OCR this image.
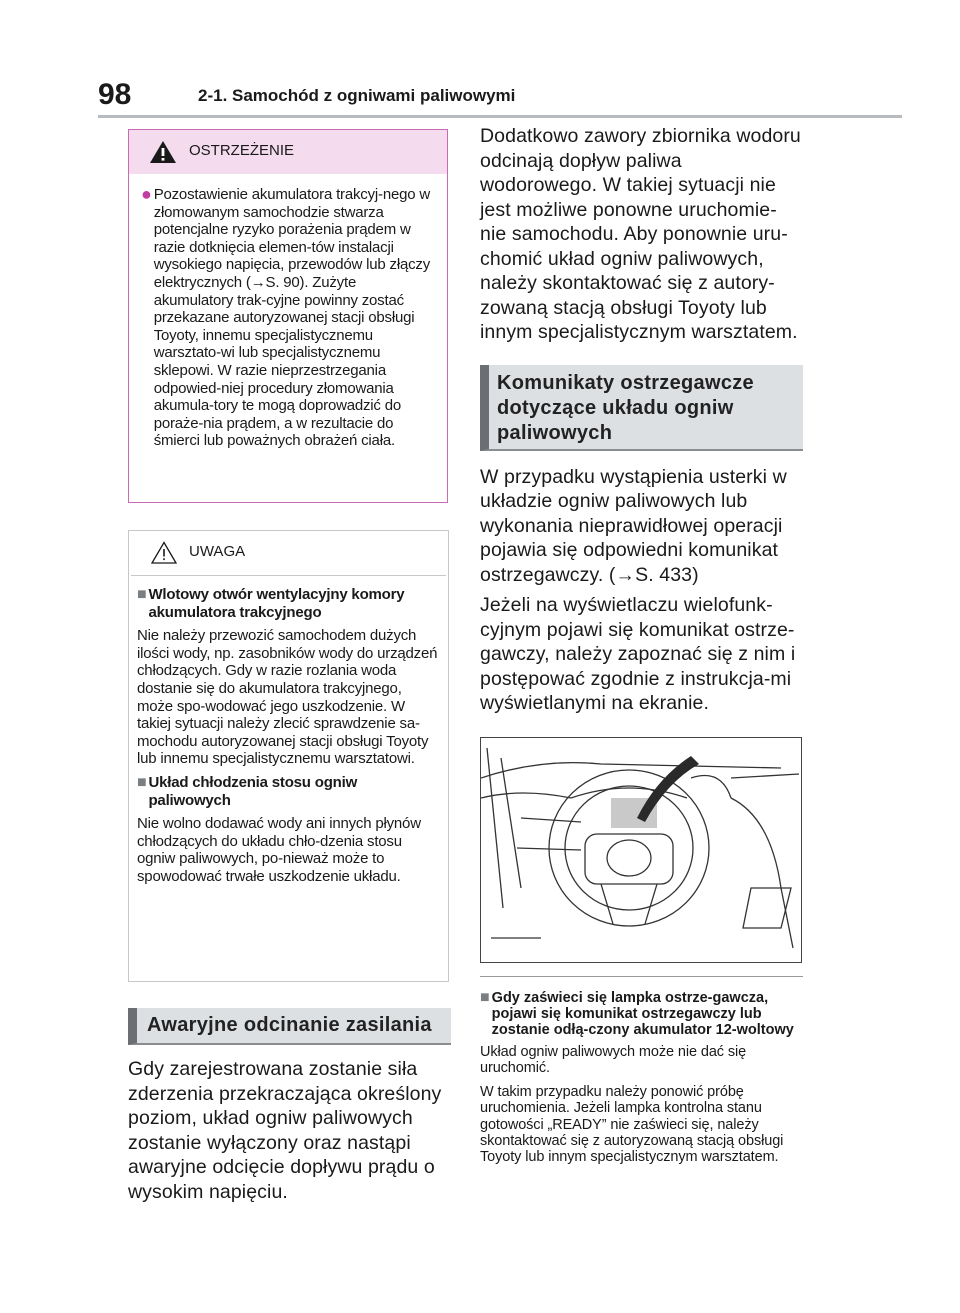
98	2-1. Samochód z ogniwami paliwowymi
OSTRZEŻENIE
● Pozostawienie akumulatora trakcyj-nego w złomowanym samochodzie stwarza potencjalne ryzyko porażenia prądem w razie dotknięcia elemen-tów instalacji wysokiego napięcia, przewodów lub złączy elektrycznych (→S. 90). Zużyte akumulatory trak-cyjne powinny zostać przekazane autoryzowanej stacji obsługi Toyoty, innemu specjalistycznemu warsztato-wi lub specjalistycznemu sklepowi. W razie nieprzestrzegania odpowied-niej procedury złomowania akumula-tory te mogą doprowadzić do poraże-nia prądem, a w rezultacie do śmierci lub poważnych obrażeń ciała.
UWAGA
■ Wlotowy otwór wentylacyjny komory akumulatora trakcyjnego

Nie należy przewozić samochodem dużych ilości wody, np. zasobników wody do urządzeń chłodzących. Gdy w razie rozlania woda dostanie się do akumulatora trakcyjnego, może spo-wodować jego uszkodzenie. W takiej sytuacji należy zlecić sprawdzenie sa-mochodu autoryzowanej stacji obsługi Toyoty lub innemu specjalistycznemu warsztatowi.

■ Układ chłodzenia stosu ogniw paliwowych

Nie wolno dodawać wody ani innych płynów chłodzących do układu chło-dzenia stosu ogniw paliwowych, po-nieważ może to spowodować trwałe uszkodzenie układu.

Awaryjne odcinanie zasilania

Gdy zarejestrowana zostanie siła zderzenia przekraczająca określony poziom, układ ogniw paliwowych zostanie wyłączony oraz nastąpi awaryjne odcięcie dopływu prądu o wysokim napięciu.

Dodatkowo zawory zbiornika wodoru odcinają dopływ paliwa wodorowego. W takiej sytuacji nie jest możliwe ponowne uruchomie-nie samochodu. Aby ponownie uru-chomić układ ogniw paliwowych, należy skontaktować się z autory-zowaną stacją obsługi Toyoty lub innym specjalistycznym warsztatem.

Komunikaty ostrzegawcze dotyczące układu ogniw paliwowych

W przypadku wystąpienia usterki w układzie ogniw paliwowych lub wykonania nieprawidłowej operacji pojawia się odpowiedni komunikat ostrzegawczy. (→S. 433)

Jeżeli na wyświetlaczu wielofunk-cyjnym pojawi się komunikat ostrze-gawczy, należy zapoznać się z nim i postępować zgodnie z instrukcja-mi wyświetlanymi na ekranie.

■ Gdy zaświeci się lampka ostrze-gawcza, pojawi się komunikat ostrzegawczy lub zostanie odłą-czony akumulator 12-woltowy

Układ ogniw paliwowych może nie dać się uruchomić.

W takim przypadku należy ponowić próbę uruchomienia. Jeżeli lampka kontrolna stanu gotowości „READY” nie zaświeci się, należy skontaktować się z autoryzowaną stacją obsługi Toyoty lub innym specjalistycznym warsztatem.
